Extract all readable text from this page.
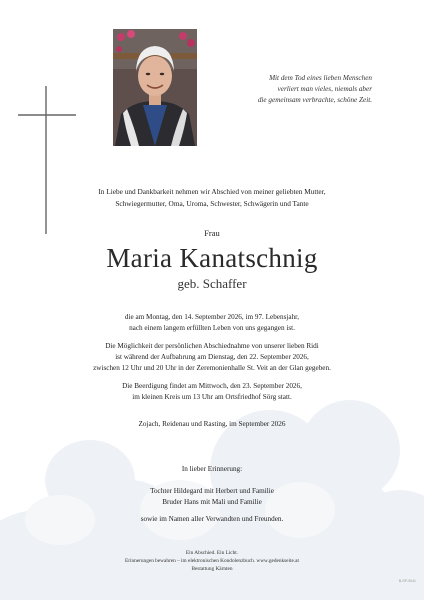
Mit dem Tod eines lieben Menschen
verliert man vieles, niemals aber
die gemeinsam verbrachte, schöne Zeit.
In Liebe und Dankbarkeit nehmen wir Abschied von meiner geliebten Mutter,
Schwiegermutter, Oma, Uroma, Schwester, Schwägerin und Tante
Frau
Maria Kanatschnig
geb. Schaffer
die am Montag, den 14. September 2026, im 97. Lebensjahr,
nach einem langem erfüllten Leben von uns gegangen ist.
Die Möglichkeit der persönlichen Abschiednahme von unserer lieben Ridi
ist während der Aufbahrung am Dienstag, den 22. September 2026,
zwischen 12 Uhr und 20 Uhr in der Zeremonienhalle St. Veit an der Glan gegeben.
Die Beerdigung findet am Mittwoch, den 23. September 2026,
im kleinen Kreis um 13 Uhr am Ortsfriedhof Sörg statt.
Zojach, Reidenau und Rasting, im September 2026
In lieber Erinnerung:
Tochter Hildegard mit Herbert und Familie
Bruder Hans mit Mali und Familie
sowie im Namen aller Verwandten und Freunden.
Ein Abschied. Ein Licht.
Erinnerungen bewahren – im elektronischen Kondolenzbuch. www.gedenkseite.at
Bestattung Kärnten
B-SP-9041
